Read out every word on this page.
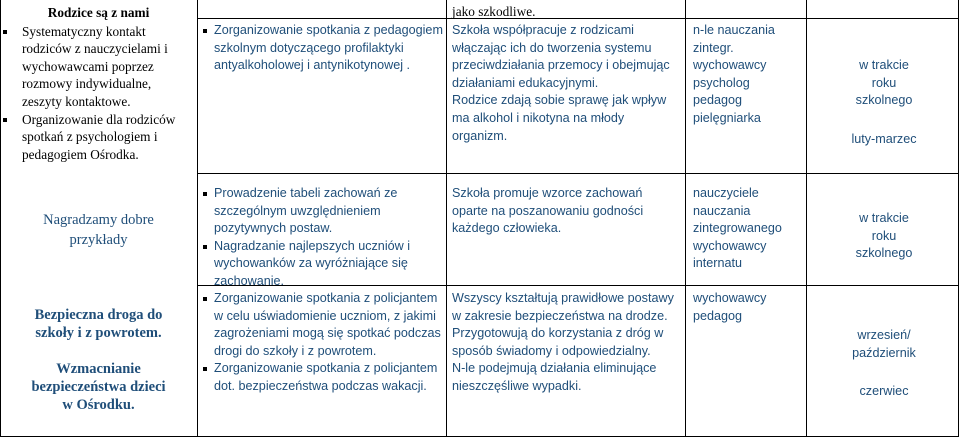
Rodzice są z nami
Systematyczny kontakt rodziców z nauczycielami i wychowawcami poprzez rozmowy indywidualne, zeszyty kontaktowe.
Organizowanie dla rodziców spotkań z psychologiem i pedagogiem Ośrodka.
Nagradzamy dobre przykłady
Bezpieczna droga do szkoły i z powrotem.
Wzmacnianie bezpieczeństwa dzieci w Ośrodku.
Zorganizowanie spotkania z pedagogiem szkolnym dotyczącego profilaktyki antyalkoholowej i antynikotynowej .
jako szkodliwe.
Szkoła współpracuje z rodzicami włączając ich do tworzenia systemu przeciwdziałania przemocy i obejmując działaniami edukacyjnymi.
Rodzice zdają sobie sprawę jak wpływ ma alkohol i nikotyna na młody organizm.
n-le nauczania zintegr.
wychowawcy
psycholog
pedagog
pielęgniarka
w trakcie roku szkolnego
luty-marzec
Prowadzenie tabeli zachowań ze szczególnym uwzględnieniem pozytywnych postaw.
Nagradzanie najlepszych uczniów i wychowanków za wyróżniające się zachowanie.
Szkoła promuje wzorce zachowań oparte na poszanowaniu godności każdego człowieka.
nauczyciele
nauczania zintegrowanego
wychowawcy
internatu
w trakcie roku szkolnego
Zorganizowanie spotkania z policjantem w celu uświadomienie uczniom, z jakimi zagrożeniami mogą się spotkać podczas drogi do szkoły i z powrotem.
Zorganizowanie spotkania z policjantem dot. bezpieczeństwa podczas wakacji.
Wszyscy kształtują prawidłowe postawy w zakresie bezpieczeństwa na drodze.
Przygotowują do korzystania z dróg w sposób świadomy i odpowiedzialny.
N-le podejmują działania eliminujące nieszczęśliwe wypadki.
wychowawcy
pedagog
wrzesień/ październik
czerwiec
